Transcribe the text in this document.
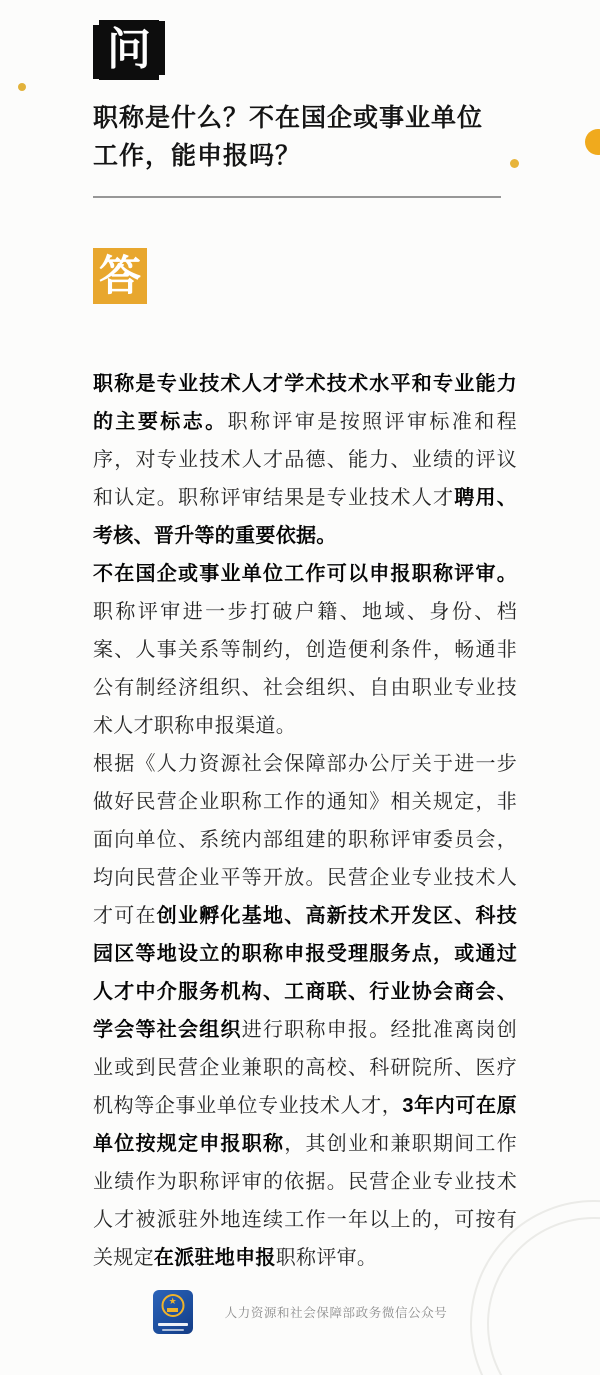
问
职称是什么？不在国企或事业单位工作，能申报吗？
答

职称是专业技术人才学术技术水平和专业能力的主要标志。职称评审是按照评审标准和程序，对专业技术人才品德、能力、业绩的评议和认定。职称评审结果是专业技术人才聘用、考核、晋升等的重要依据。

不在国企或事业单位工作可以申报职称评审。职称评审进一步打破户籍、地域、身份、档案、人事关系等制约，创造便利条件，畅通非公有制经济组织、社会组织、自由职业专业技术人才职称申报渠道。

根据《人力资源社会保障部办公厅关于进一步做好民营企业职称工作的通知》相关规定，非面向单位、系统内部组建的职称评审委员会，均向民营企业平等开放。民营企业专业技术人才可在创业孵化基地、高新技术开发区、科技园区等地设立的职称申报受理服务点，或通过人才中介服务机构、工商联、行业协会商会、学会等社会组织进行职称申报。经批准离岗创业或到民营企业兼职的高校、科研院所、医疗机构等企事业单位专业技术人才，3年内可在原单位按规定申报职称，其创业和兼职期间工作业绩作为职称评审的依据。民营企业专业技术人才被派驻外地连续工作一年以上的，可按有关规定在派驻地申报职称评审。

★
人力资源和社会保障部政务微信公众号
